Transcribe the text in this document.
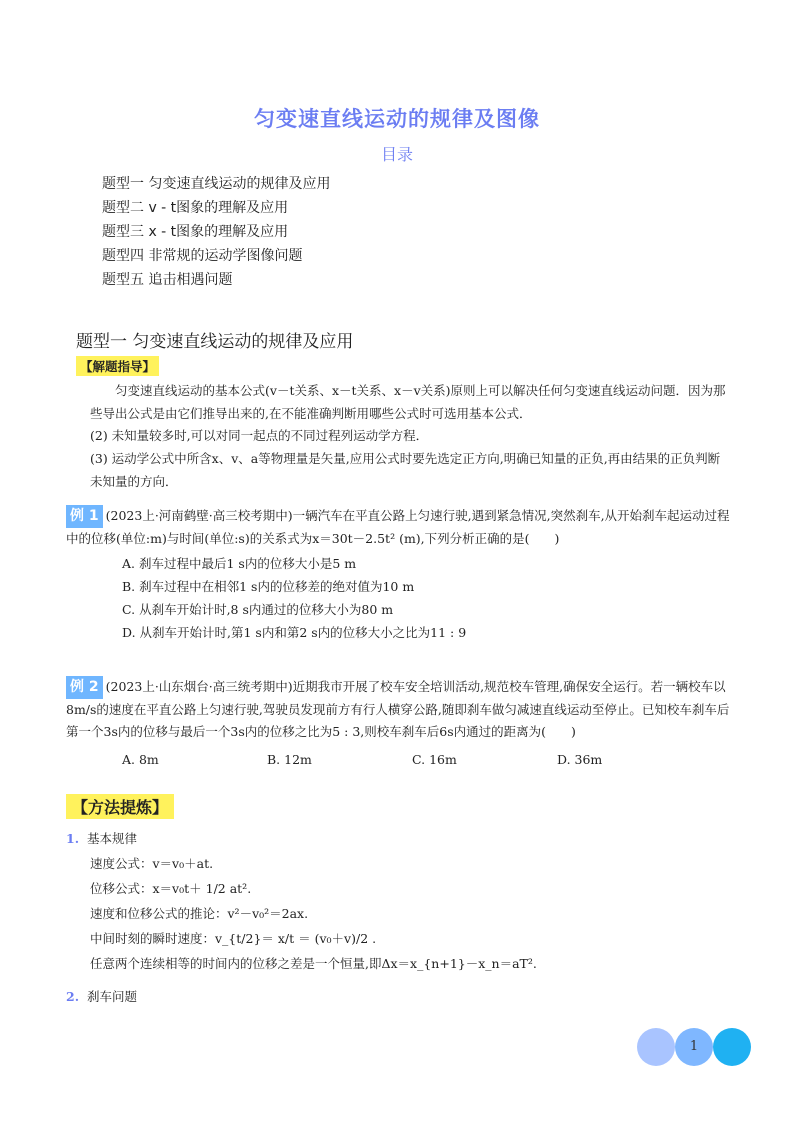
匀变速直线运动的规律及图像
目录
题型一 匀变速直线运动的规律及应用
题型二 v - t图象的理解及应用
题型三 x - t图象的理解及应用
题型四 非常规的运动学图像问题
题型五 追击相遇问题
题型一 匀变速直线运动的规律及应用
【解题指导】
匀变速直线运动的基本公式(v－t关系、x－t关系、x－v关系)原则上可以解决任何匀变速直线运动问题．因为那些导出公式是由它们推导出来的,在不能准确判断用哪些公式时可选用基本公式．
(2) 未知量较多时,可以对同一起点的不同过程列运动学方程．
(3) 运动学公式中所含x、v、a等物理量是矢量,应用公式时要先选定正方向,明确已知量的正负,再由结果的正负判断未知量的方向．
例 1 (2023上·河南鹤壁·高三校考期中)一辆汽车在平直公路上匀速行驶,遇到紧急情况,突然刹车,从开始刹车起运动过程中的位移(单位:m)与时间(单位:s)的关系式为x＝30t－2.5t² (m),下列分析正确的是(　　)
A. 刹车过程中最后1 s内的位移大小是5 m
B. 刹车过程中在相邻1 s内的位移差的绝对值为10 m
C. 从刹车开始计时,8 s内通过的位移大小为80 m
D. 从刹车开始计时,第1 s内和第2 s内的位移大小之比为11 : 9
例 2 (2023上·山东烟台·高三统考期中)近期我市开展了校车安全培训活动,规范校车管理,确保安全运行。若一辆校车以8m/s的速度在平直公路上匀速行驶,驾驶员发现前方有行人横穿公路,随即刹车做匀减速直线运动至停止。已知校车刹车后第一个3s内的位移与最后一个3s内的位移之比为5 : 3,则校车刹车后6s内通过的距离为(　　)
A. 8m	B. 12m	C. 16m	D. 36m
【方法提炼】
1. 基本规律
速度公式：v＝v₀＋at.
位移公式：x＝v₀t＋ 1/2 at².
速度和位移公式的推论：v²－v₀²＝2ax.
中间时刻的瞬时速度：v_{t/2}＝ x/t ＝ (v₀＋v)/2 .
任意两个连续相等的时间内的位移之差是一个恒量,即Δx＝x_{n+1}－x_n＝aT².
2. 刹车问题
1
